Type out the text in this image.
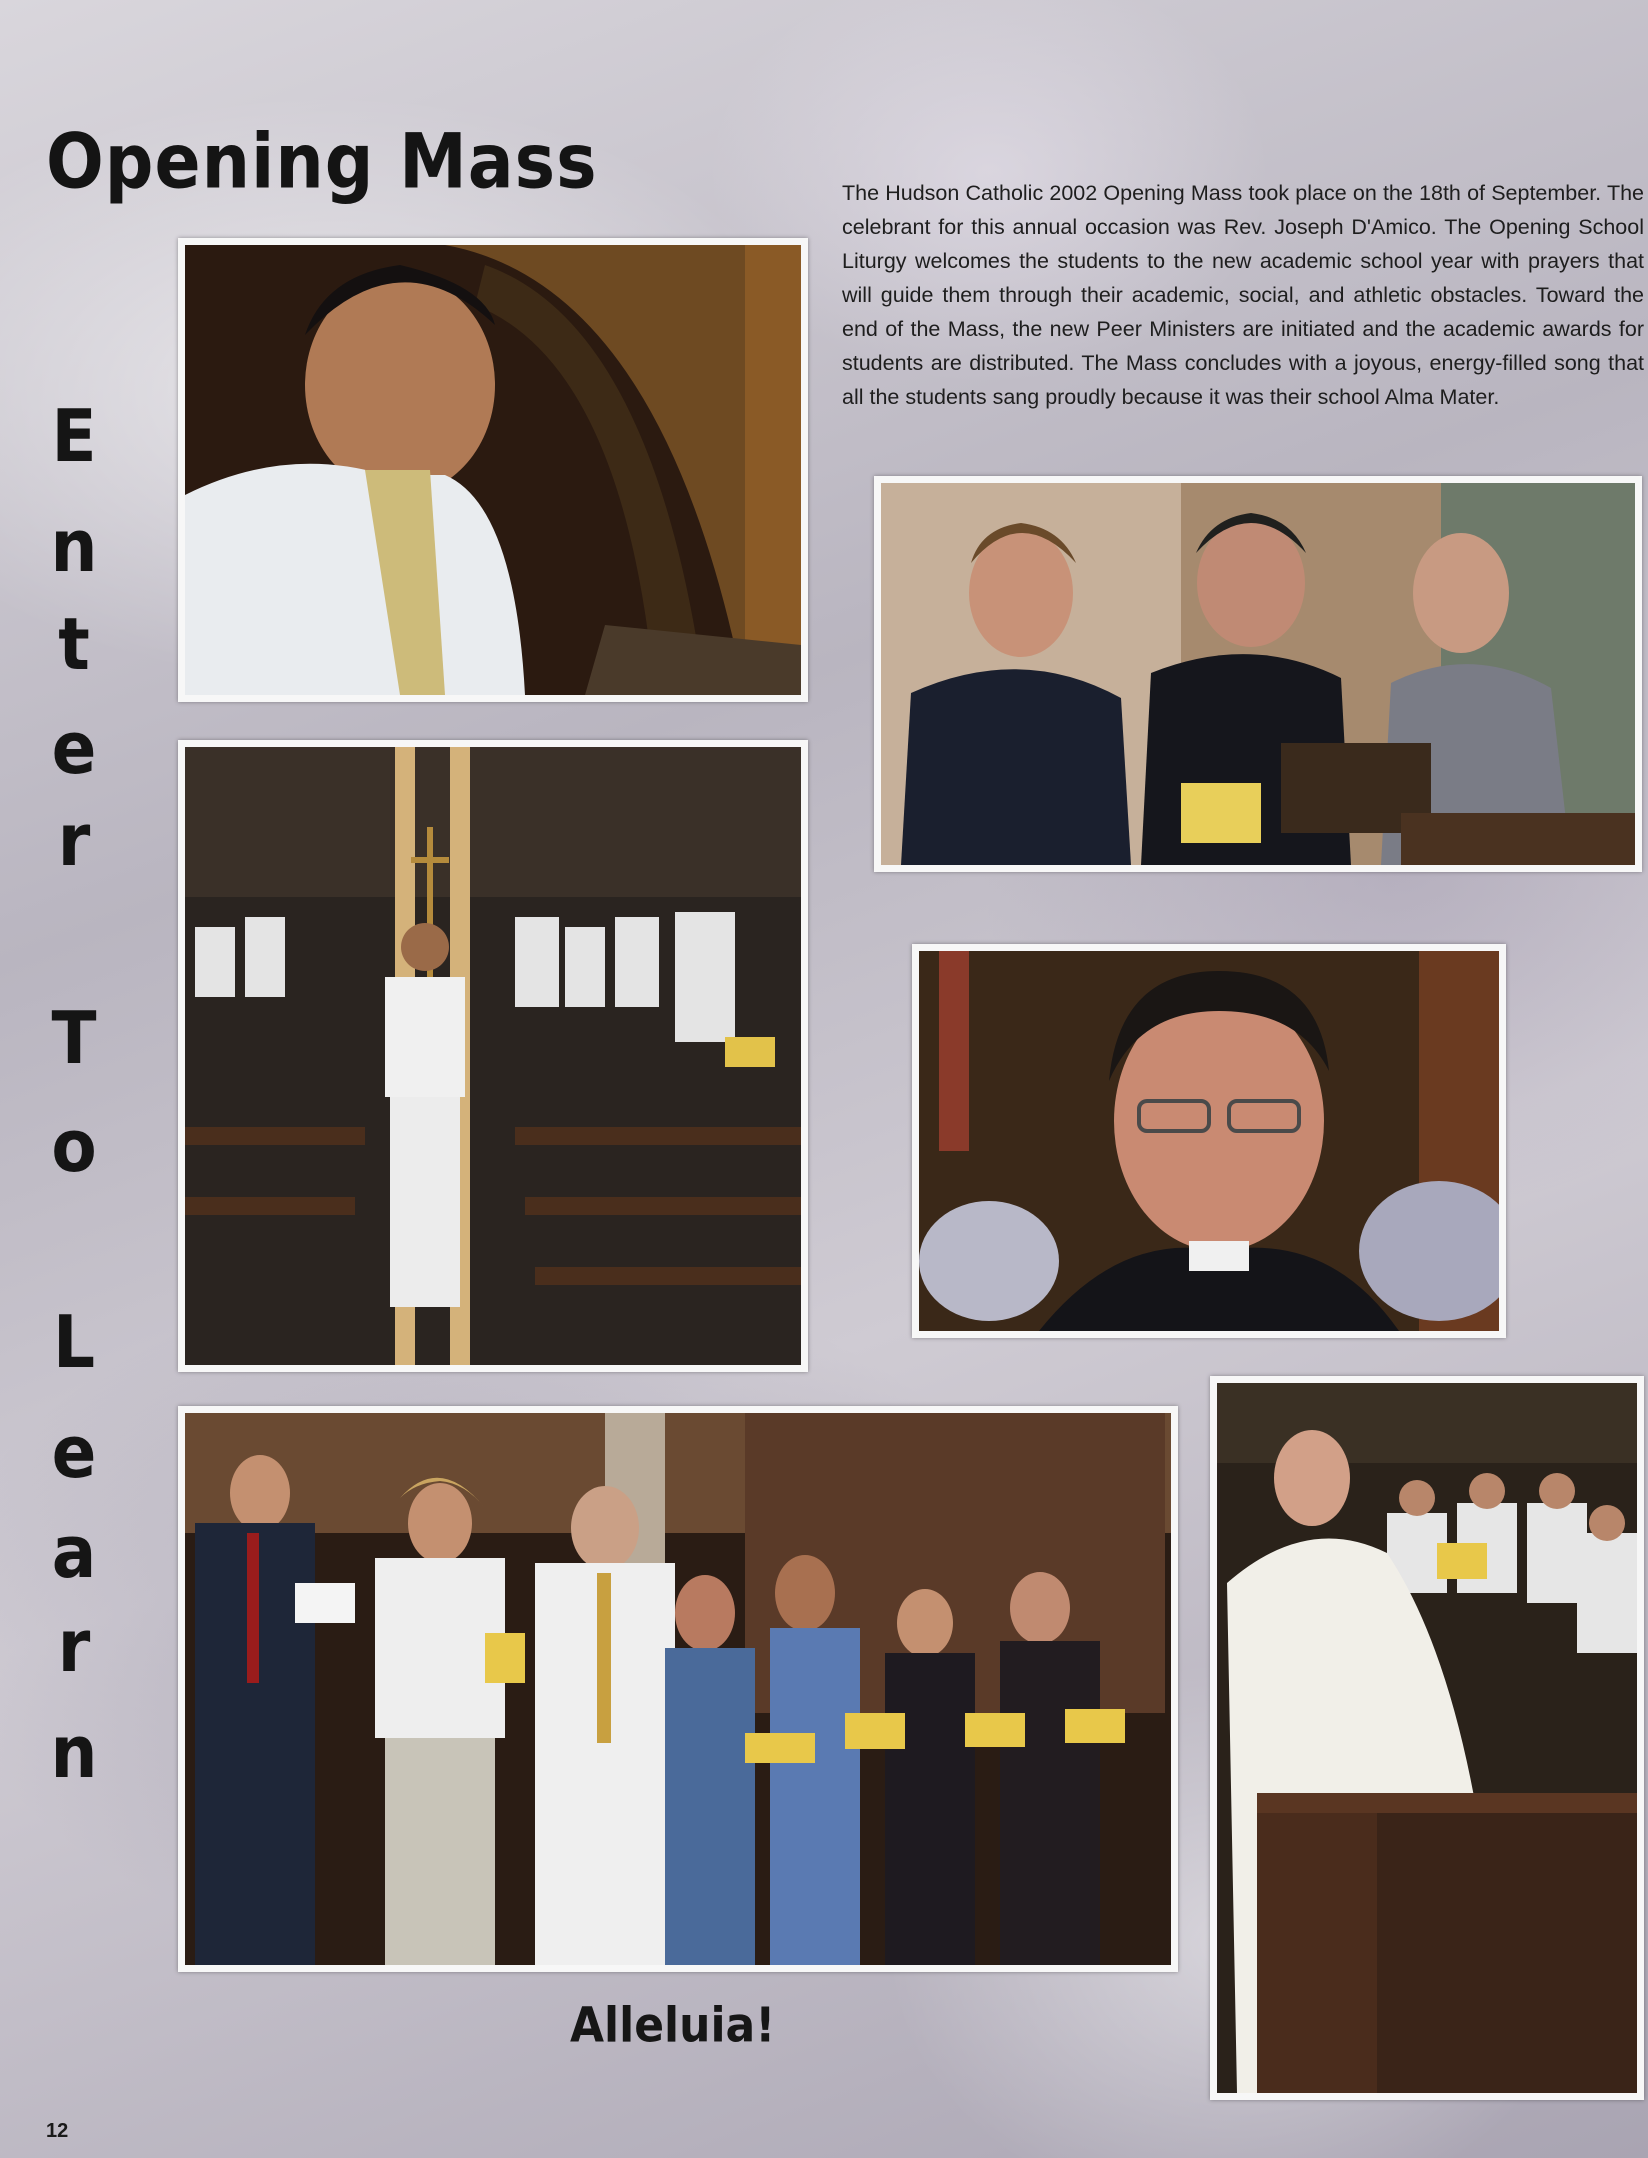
Opening Mass
E
n
t
e
r
T
o
L
e
a
r
n

The Hudson Catholic 2002 Opening Mass took place on the 18th of September. The celebrant for this annual occasion was Rev. Joseph D'Amico. The Opening School Liturgy welcomes the students to the new academic school year with prayers that will guide them through their academic, social, and athletic obstacles. Toward the end of the Mass, the new Peer Ministers are initiated and the academic awards for students are distributed. The Mass concludes with a joyous, energy-filled song that all the students sang proudly because it was their school Alma Mater.

Alleluia!
12
